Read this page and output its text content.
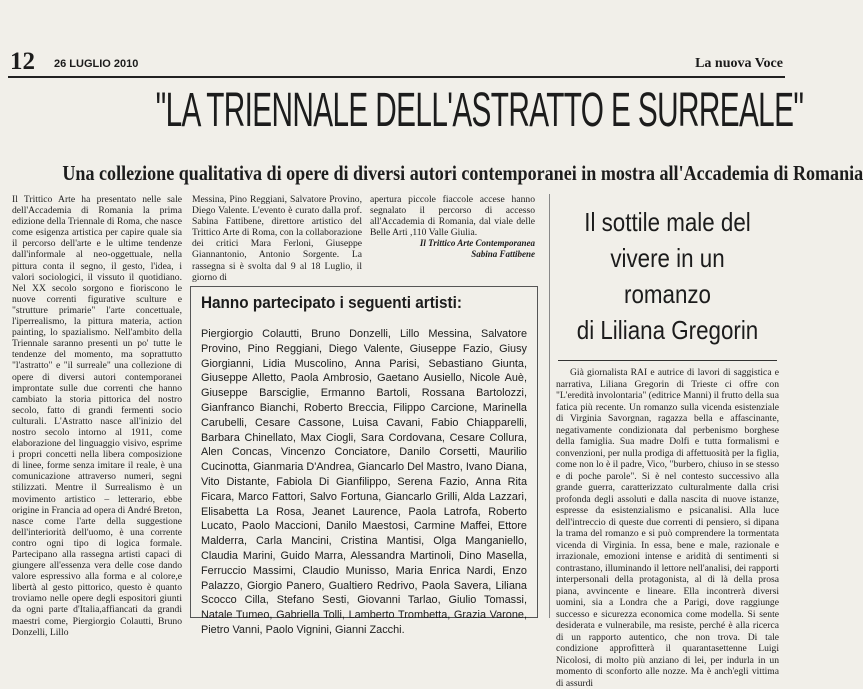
12 26 LUGLIO 2010	La nuova Voce
"LA TRIENNALE DELL'ASTRATTO E SURREALE"
Una collezione qualitativa di opere di diversi autori contemporanei in mostra all'Accademia di Romania
Il Trittico Arte ha presentato nelle sale dell'Accademia di Romania la prima edizione della Triennale di Roma, che nasce come esigenza artistica per capire quale sia il percorso dell'arte e le ultime tendenze dall'informale al neo-oggettuale, nella pittura conta il segno, il gesto, l'idea, i valori sociologici, il vissuto il quotidiano. Nel XX secolo sorgono e fioriscono le nuove correnti figurative sculture e "strutture primarie" l'arte concettuale, l'iperrealismo, la pittura materia, action painting, lo spazialismo. Nell'ambito della Triennale saranno presenti un po' tutte le tendenze del momento, ma soprattutto "l'astratto" e "il surreale" una collezione di opere di diversi autori contemporanei improntate sulle due correnti che hanno cambiato la storia pittorica del nostro secolo, fatto di grandi fermenti socio culturali. L'Astratto nasce all'inizio del nostro secolo intorno al 1911, come elaborazione del linguaggio visivo, esprime i propri concetti nella libera composizione di linee, forme senza imitare il reale, è una comunicazione attraverso numeri, segni stilizzati. Mentre il Surrealismo è un movimento artistico – letterario, ebbe origine in Francia ad opera di André Breton, nasce come l'arte della suggestione dell'interiorità dell'uomo, è una corrente contro ogni tipo di logica formale. Partecipano alla rassegna artisti capaci di giungere all'essenza vera delle cose dando valore espressivo alla forma e al colore,e libertà al gesto pittorico, questo è quanto troviamo nelle opere degli espositori giunti da ogni parte d'Italia,affiancati da grandi maestri come, Piergiorgio Colautti, Bruno Donzelli, Lillo
Messina, Pino Reggiani, Salvatore Provino, Diego Valente. L'evento è curato dalla prof. Sabina Fattibene, direttore artistico del Trittico Arte di Roma, con la collaborazione dei critici Mara Ferloni, Giuseppe Giannantonio, Antonio Sorgente. La rassegna si è svolta dal 9 al 18 Luglio, il giorno di
apertura piccole fiaccole accese hanno segnalato il percorso di accesso all'Accademia di Romania, dal viale delle Belle Arti ,110 Valle Giulia.
Il Trittico Arte Contemporanea
Sabina Fattibene
Hanno partecipato i seguenti artisti:
Piergiorgio Colautti, Bruno Donzelli, Lillo Messina, Salvatore Provino, Pino Reggiani, Diego Valente, Giuseppe Fazio, Giusy Giorgianni, Lidia Muscolino, Anna Parisi, Sebastiano Giunta, Giuseppe Alletto, Paola Ambrosio, Gaetano Ausiello, Nicole Auè, Giuseppe Barsciglie, Ermanno Bartoli, Rossana Bartolozzi, Gianfranco Bianchi, Roberto Breccia, Filippo Carcione, Marinella Carubelli, Cesare Cassone, Luisa Cavani, Fabio Chiapparelli, Barbara Chinellato, Max Ciogli, Sara Cordovana, Cesare Collura, Alen Concas, Vincenzo Conciatore, Danilo Corsetti, Maurilio Cucinotta, Gianmaria D'Andrea, Giancarlo Del Mastro, Ivano Diana, Vito Distante, Fabiola Di Gianfilippo, Serena Fazio, Anna Rita Ficara, Marco Fattori, Salvo Fortuna, Giancarlo Grilli, Alda Lazzari, Elisabetta La Rosa, Jeanet Laurence, Paola Latrofa, Roberto Lucato, Paolo Maccioni, Danilo Maestosi, Carmine Maffei, Ettore Malderra, Carla Mancini, Cristina Mantisi, Olga Manganiello, Claudia Marini, Guido Marra, Alessandra Martinoli, Dino Masella, Ferruccio Massimi, Claudio Munisso, Maria Enrica Nardi, Enzo Palazzo, Giorgio Panero, Gualtiero Redrivo, Paola Savera, Liliana Scocco Cilla, Stefano Sesti, Giovanni Tarlao, Giulio Tomassi, Natale Tumeo, Gabriella Tolli, Lamberto Trombetta, Grazia Varone, Pietro Vanni, Paolo Vignini, Gianni Zacchi.
Il sottile male del
vivere in un romanzo
di Liliana Gregorin
Già giornalista RAI e autrice di lavori di saggistica e narrativa, Liliana Gregorin di Trieste ci offre con "L'eredità involontaria" (editrice Manni) il frutto della sua fatica più recente. Un romanzo sulla vicenda esistenziale di Virginia Savorgnan, ragazza bella e affascinante, negativamente condizionata dal perbenismo borghese della famiglia. Sua madre Dolfi e tutta formalismi e convenzioni, per nulla prodiga di affettuosità per la figlia, come non lo è il padre, Vico, "burbero, chiuso in se stesso e di poche parole". Si è nel contesto successivo alla grande guerra, caratterizzato culturalmente dalla crisi profonda degli assoluti e dalla nascita di nuove istanze, espresse da esistenzialismo e psicanalisi. Alla luce dell'intreccio di queste due correnti di pensiero, si dipana la trama del romanzo e si può comprendere la tormentata vicenda di Virginia. In essa, bene e male, razionale e irrazionale, emozioni intense e aridità di sentimenti si contrastano, illuminando il lettore nell'analisi, dei rapporti interpersonali della protagonista, al di là della prosa piana, avvincente e lineare. Ella incontrerà diversi uomini, sia a Londra che a Parigi, dove raggiunge successo e sicurezza economica come modella. Si sente desiderata e vulnerabile, ma resiste, perché è alla ricerca di un rapporto autentico, che non trova. Di tale condizione approfitterà il quarantasettenne Luigi Nicolosi, di molto più anziano di lei, per indurla in un momento di sconforto alle nozze. Ma è anch'egli vittima di assurdi
